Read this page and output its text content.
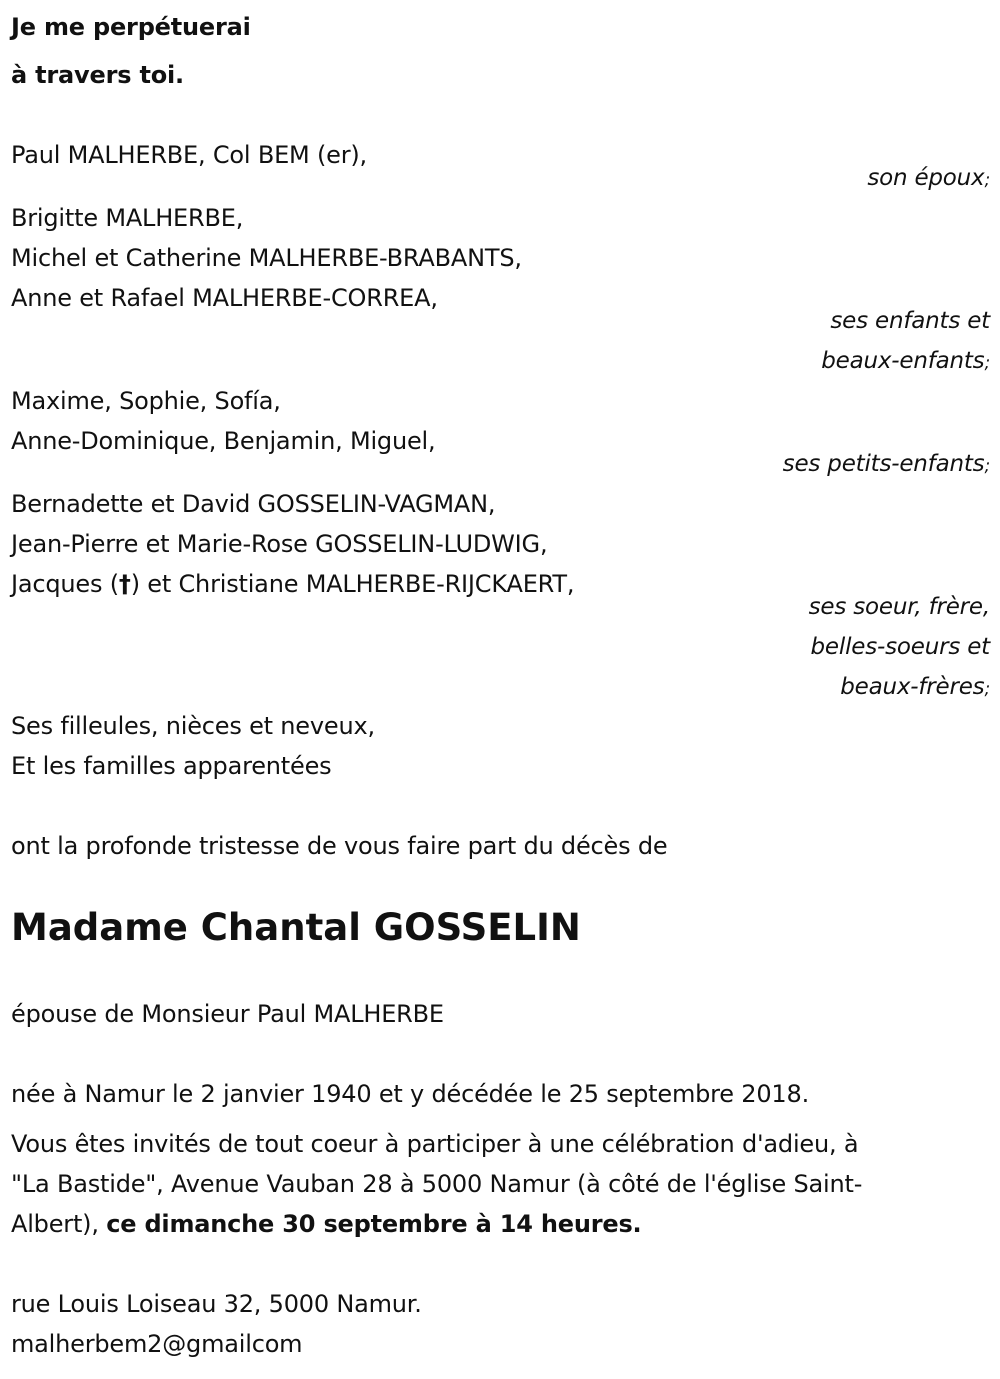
Je me perpétuerai
à travers toi.
Paul MALHERBE, Col BEM (er),
son époux;
Brigitte MALHERBE,
Michel et Catherine MALHERBE-BRABANTS,
Anne et Rafael MALHERBE-CORREA,
ses enfants et
beaux-enfants;
Maxime, Sophie, Sofía,
Anne-Dominique, Benjamin, Miguel,
ses petits-enfants;
Bernadette et David GOSSELIN-VAGMAN,
Jean-Pierre et Marie-Rose GOSSELIN-LUDWIG,
Jacques (†) et Christiane MALHERBE-RIJCKAERT,
ses soeur, frère,
belles-soeurs et
beaux-frères;
Ses filleules, nièces et neveux,
Et les familles apparentées
ont la profonde tristesse de vous faire part du décès de
Madame Chantal GOSSELIN
épouse de Monsieur Paul MALHERBE
née à Namur le 2 janvier 1940 et y décédée le 25 septembre 2018.
Vous êtes invités de tout coeur à participer à une célébration d'adieu, à
"La Bastide", Avenue Vauban 28 à 5000 Namur (à côté de l'église Saint-
Albert), ce dimanche 30 septembre à 14 heures.
rue Louis Loiseau 32, 5000 Namur.
malherbem2@gmailcom
